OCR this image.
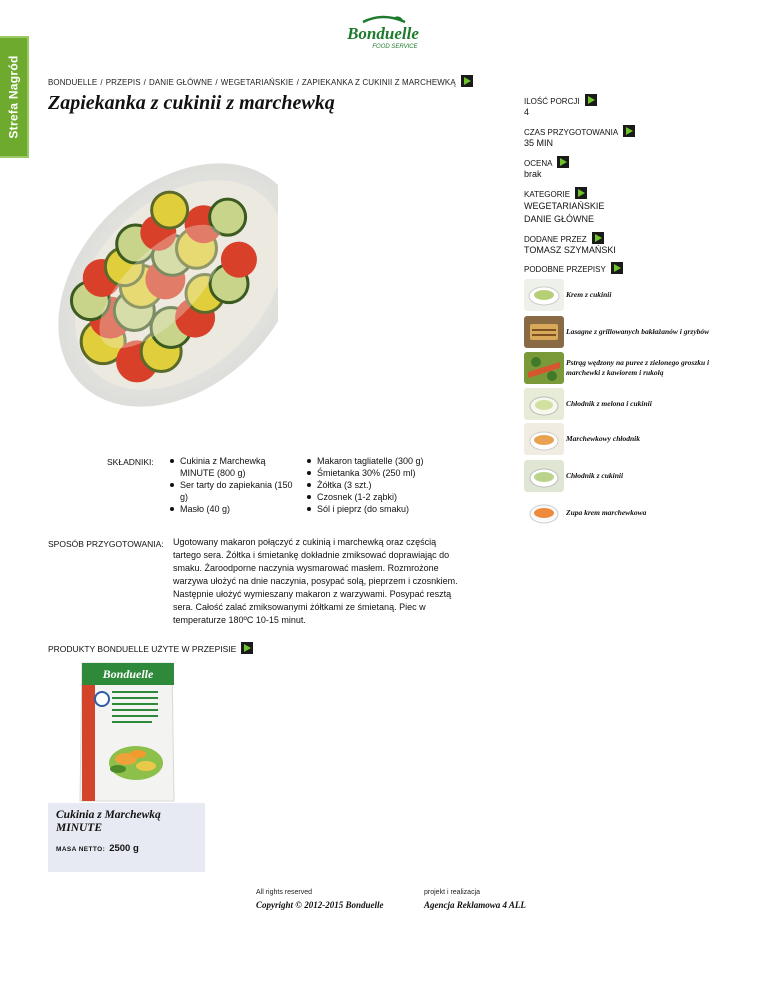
Strefa Nagród
Bonduelle
FOOD SERVICE
BONDUELLE / PRZEPIS / DANIE GŁÓWNE / WEGETARIAŃSKIE / ZAPIEKANKA Z CUKINII Z MARCHEWKĄ
Zapiekanka z cukinii z marchewką	ILOŚĆ PORCJI
4
CZAS PRZYGOTOWANIA
35 MIN
OCENA
brak
KATEGORIE
WEGETARIAŃSKIE
DANIE GŁÓWNE
DODANE PRZEZ
TOMASZ SZYMAŃSKI
PODOBNE PRZEPISY
Krem z cukinii
Lasagne z grillowanych bakłażanów i grzybów
Pstrąg wędzony na puree z zielonego groszku i marchewki z kawiorem i rukolą
Chłodnik z melona i cukinii
Marchewkowy chłodnik
Chłodnik z cukinii
Zupa krem marchewkowa
SKŁADNIKI:	Cukinia z Marchewką MINUTE (800 g)
Ser tarty do zapiekania (150 g)
Masło (40 g)
Makaron tagliatelle (300 g)
Śmietanka 30% (250 ml)
Żółtka (3 szt.)
Czosnek (1-2 ząbki)
Sól i pieprz (do smaku)
SPOSÓB PRZYGOTOWANIA: Ugotowany makaron połączyć z cukinią i marchewką oraz częścią tartego sera. Żółtka i śmietankę dokładnie zmiksować doprawiając do smaku. Żaroodporne naczynia wysmarować masłem. Rozmrożone warzywa ułożyć na dnie naczynia, posypać solą, pieprzem i czosnkiem. Następnie ułożyć wymieszany makaron z warzywami. Posypać resztą sera. Całość zalać zmiksowanymi żółtkami ze śmietaną. Piec w temperaturze 180ºC 10-15 minut.
PRODUKTY BONDUELLE UŻYTE W PRZEPISIE
Bonduelle
Cukinia z Marchewką MINUTE
MASA NETTO: 2500 g
All rights reserved
Copyright © 2012-2015 Bonduelle
projekt i realizacja
Agencja Reklamowa 4 ALL
